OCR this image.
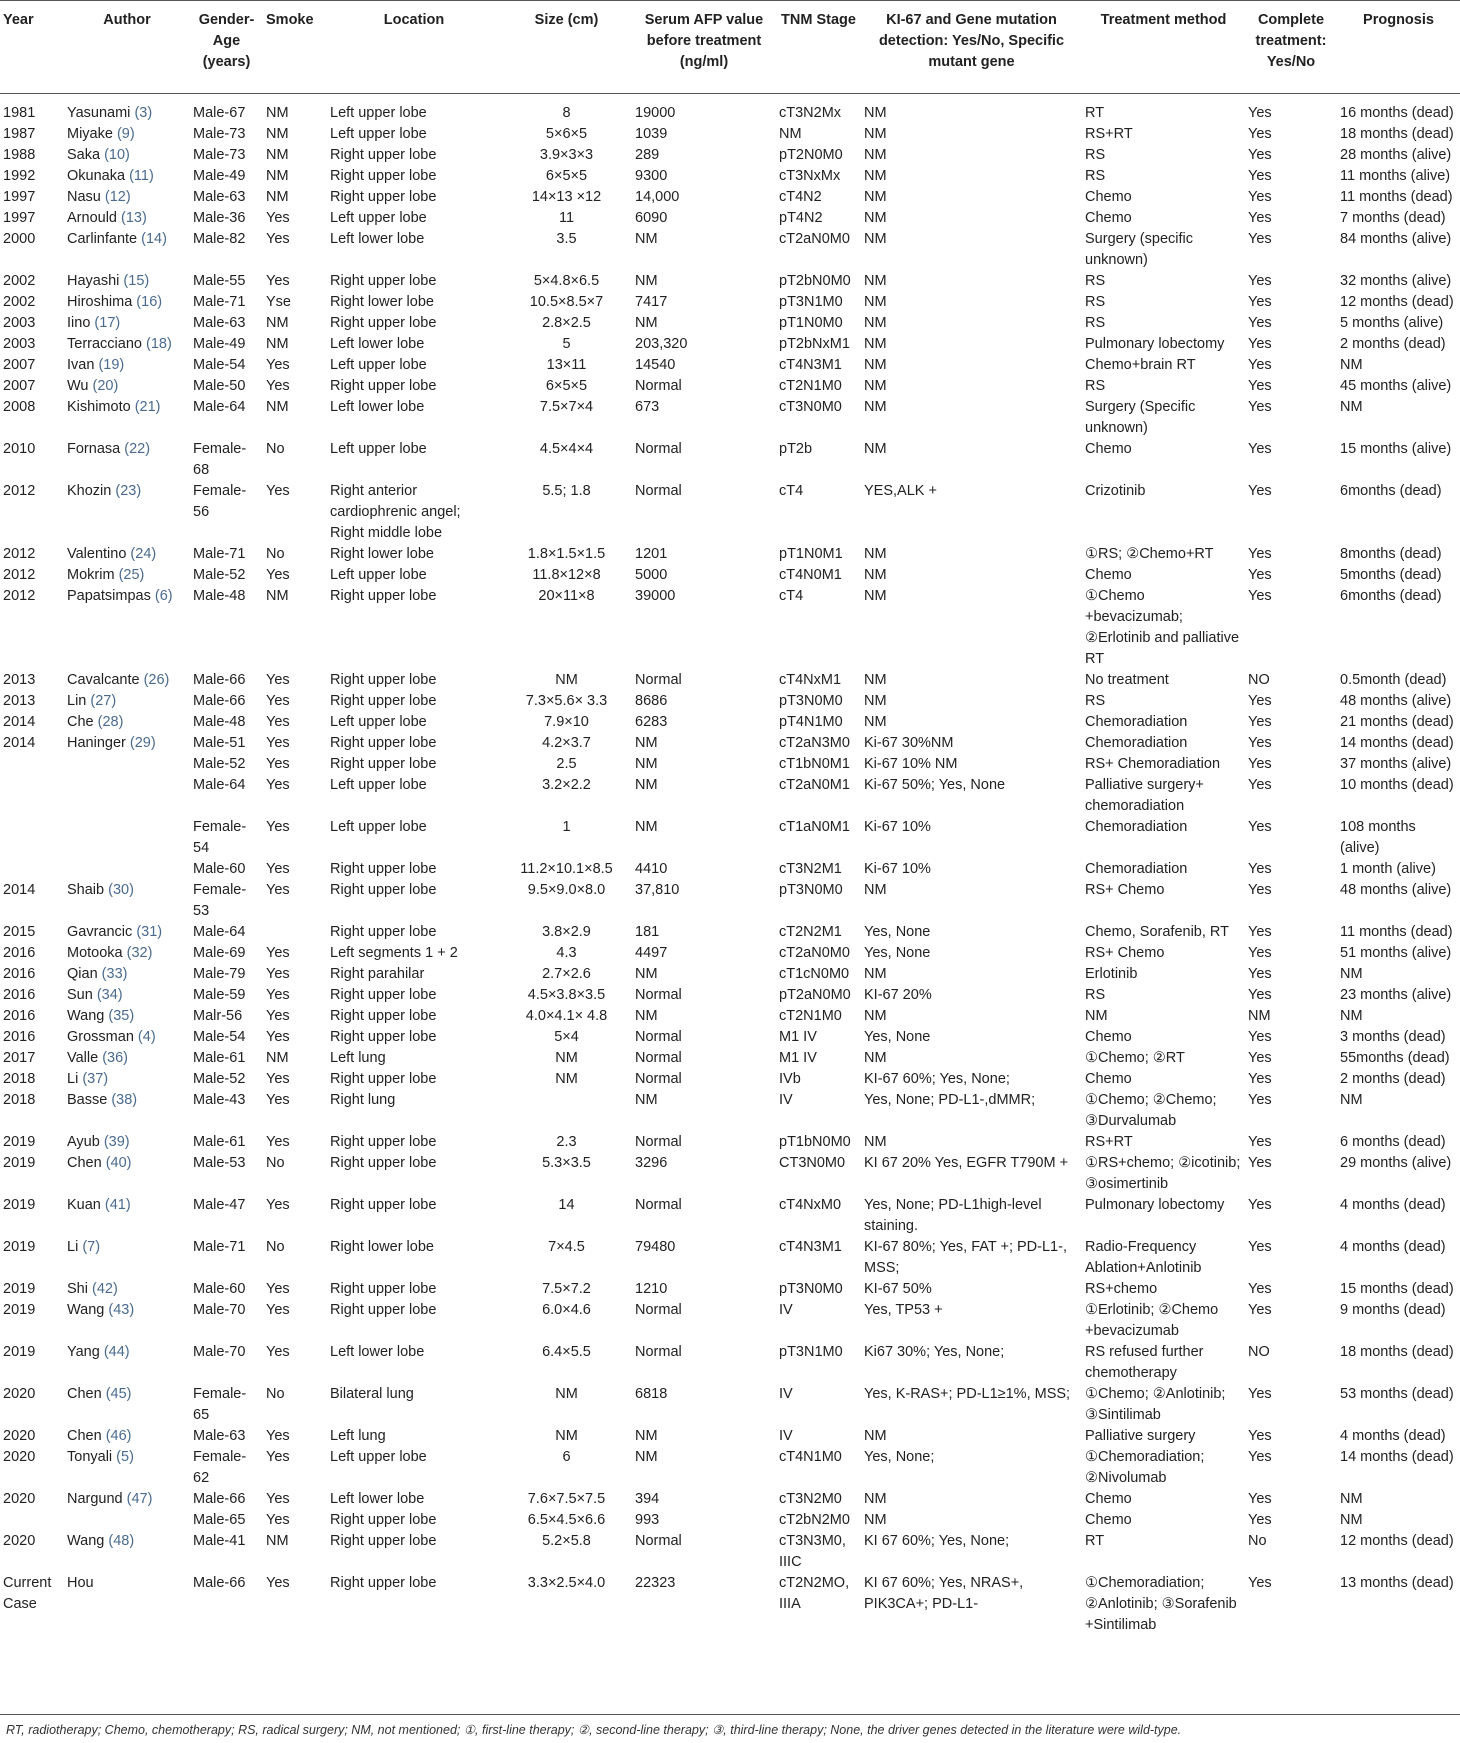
Year	Author	Gender-Age (years)	Smoke	Location	Size (cm)	Serum AFP value before treatment (ng/ml)	TNM Stage	KI-67 and Gene mutation detection: Yes/No, Specific mutant gene	Treatment method	Complete treatment: Yes/No	Prognosis
1981	Yasunami (3)	Male-67	NM	Left upper lobe	8	19000	cT3N2Mx	NM	RT	Yes	16 months (dead)
1987	Miyake (9)	Male-73	NM	Left upper lobe	5×6×5	1039	NM	NM	RS+RT	Yes	18 months (dead)
1988	Saka (10)	Male-73	NM	Right upper lobe	3.9×3×3	289	pT2N0M0	NM	RS	Yes	28 months (alive)
1992	Okunaka (11)	Male-49	NM	Right upper lobe	6×5×5	9300	cT3NxMx	NM	RS	Yes	11 months (alive)
1997	Nasu (12)	Male-63	NM	Right upper lobe	14×13 ×12	14,000	cT4N2	NM	Chemo	Yes	11 months (dead)
1997	Arnould (13)	Male-36	Yes	Left upper lobe	11	6090	pT4N2	NM	Chemo	Yes	7 months (dead)
2000	Carlinfante (14)	Male-82	Yes	Left lower lobe	3.5	NM	cT2aN0M0	NM	Surgery (specific unknown)	Yes	84 months (alive)
2002	Hayashi (15)	Male-55	Yes	Right upper lobe	5×4.8×6.5	NM	pT2bN0M0	NM	RS	Yes	32 months (alive)
2002	Hiroshima (16)	Male-71	Yse	Right lower lobe	10.5×8.5×7	7417	pT3N1M0	NM	RS	Yes	12 months (dead)
2003	Iino (17)	Male-63	NM	Right upper lobe	2.8×2.5	NM	pT1N0M0	NM	RS	Yes	5 months (alive)
2003	Terracciano (18)	Male-49	NM	Left lower lobe	5	203,320	pT2bNxM1	NM	Pulmonary lobectomy	Yes	2 months (dead)
2007	Ivan (19)	Male-54	Yes	Left upper lobe	13×11	14540	cT4N3M1	NM	Chemo+brain RT	Yes	NM
2007	Wu (20)	Male-50	Yes	Right upper lobe	6×5×5	Normal	cT2N1M0	NM	RS	Yes	45 months (alive)
2008	Kishimoto (21)	Male-64	NM	Left lower lobe	7.5×7×4	673	cT3N0M0	NM	Surgery (Specific unknown)	Yes	NM
2010	Fornasa (22)	Female-68	No	Left upper lobe	4.5×4×4	Normal	pT2b	NM	Chemo	Yes	15 months (alive)
2012	Khozin (23)	Female-56	Yes	Right anterior cardiophrenic angel; Right middle lobe	5.5; 1.8	Normal	cT4	YES,ALK +	Crizotinib	Yes	6months (dead)
2012	Valentino (24)	Male-71	No	Right lower lobe	1.8×1.5×1.5	1201	pT1N0M1	NM	①RS; ②Chemo+RT	Yes	8months (dead)
2012	Mokrim (25)	Male-52	Yes	Left upper lobe	11.8×12×8	5000	cT4N0M1	NM	Chemo	Yes	5months (dead)
2012	Papatsimpas (6)	Male-48	NM	Right upper lobe	20×11×8	39000	cT4	NM	①Chemo +bevacizumab; ②Erlotinib and palliative RT	Yes	6months (dead)
2013	Cavalcante (26)	Male-66	Yes	Right upper lobe	NM	Normal	cT4NxM1	NM	No treatment	NO	0.5month (dead)
2013	Lin (27)	Male-66	Yes	Right upper lobe	7.3×5.6× 3.3	8686	pT3N0M0	NM	RS	Yes	48 months (alive)
2014	Che (28)	Male-48	Yes	Left upper lobe	7.9×10	6283	pT4N1M0	NM	Chemoradiation	Yes	21 months (dead)
2014	Haninger (29)	Male-51	Yes	Right upper lobe	4.2×3.7	NM	cT2aN3M0	Ki-67 30%NM	Chemoradiation	Yes	14 months (dead)
		Male-52	Yes	Right upper lobe	2.5	NM	cT1bN0M1	Ki-67 10% NM	RS+ Chemoradiation	Yes	37 months (alive)
		Male-64	Yes	Left upper lobe	3.2×2.2	NM	cT2aN0M1	Ki-67 50%; Yes, None	Palliative surgery+ chemoradiation	Yes	10 months (dead)
		Female-54	Yes	Left upper lobe	1	NM	cT1aN0M1	Ki-67 10%	Chemoradiation	Yes	108 months (alive)
		Male-60	Yes	Right upper lobe	11.2×10.1×8.5	4410	cT3N2M1	Ki-67 10%	Chemoradiation	Yes	1 month (alive)
2014	Shaib (30)	Female-53	Yes	Right upper lobe	9.5×9.0×8.0	37,810	pT3N0M0	NM	RS+ Chemo	Yes	48 months (alive)
2015	Gavrancic (31)	Male-64		Right upper lobe	3.8×2.9	181	cT2N2M1	Yes, None	Chemo, Sorafenib, RT	Yes	11 months (dead)
2016	Motooka (32)	Male-69	Yes	Left segments 1 + 2	4.3	4497	cT2aN0M0	Yes, None	RS+ Chemo	Yes	51 months (alive)
2016	Qian (33)	Male-79	Yes	Right parahilar	2.7×2.6	NM	cT1cN0M0	NM	Erlotinib	Yes	NM
2016	Sun (34)	Male-59	Yes	Right upper lobe	4.5×3.8×3.5	Normal	pT2aN0M0	KI-67 20%	RS	Yes	23 months (alive)
2016	Wang (35)	Malr-56	Yes	Right upper lobe	4.0×4.1× 4.8	NM	cT2N1M0	NM	NM	NM	NM
2016	Grossman (4)	Male-54	Yes	Right upper lobe	5×4	Normal	M1 IV	Yes, None	Chemo	Yes	3 months (dead)
2017	Valle (36)	Male-61	NM	Left lung	NM	Normal	M1 IV	NM	①Chemo; ②RT	Yes	55months (dead)
2018	Li (37)	Male-52	Yes	Right upper lobe	NM	Normal	IVb	KI-67 60%; Yes, None;	Chemo	Yes	2 months (dead)
2018	Basse (38)	Male-43	Yes	Right lung		NM	IV	Yes, None; PD-L1-,dMMR;	①Chemo; ②Chemo; ③Durvalumab	Yes	NM
2019	Ayub (39)	Male-61	Yes	Right upper lobe	2.3	Normal	pT1bN0M0	NM	RS+RT	Yes	6 months (dead)
2019	Chen (40)	Male-53	No	Right upper lobe	5.3×3.5	3296	CT3N0M0	KI 67 20% Yes, EGFR T790M +	①RS+chemo; ②icotinib; ③osimertinib	Yes	29 months (alive)
2019	Kuan (41)	Male-47	Yes	Right upper lobe	14	Normal	cT4NxM0	Yes, None; PD-L1high-level staining.	Pulmonary lobectomy	Yes	4 months (dead)
2019	Li (7)	Male-71	No	Right lower lobe	7×4.5	79480	cT4N3M1	KI-67 80%; Yes, FAT +; PD-L1-, MSS;	Radio-Frequency Ablation+Anlotinib	Yes	4 months (dead)
2019	Shi (42)	Male-60	Yes	Right upper lobe	7.5×7.2	1210	pT3N0M0	KI-67 50%	RS+chemo	Yes	15 months (dead)
2019	Wang (43)	Male-70	Yes	Right upper lobe	6.0×4.6	Normal	IV	Yes, TP53 +	①Erlotinib; ②Chemo +bevacizumab	Yes	9 months (dead)
2019	Yang (44)	Male-70	Yes	Left lower lobe	6.4×5.5	Normal	pT3N1M0	Ki67 30%; Yes, None;	RS refused further chemotherapy	NO	18 months (dead)
2020	Chen (45)	Female-65	No	Bilateral lung	NM	6818	IV	Yes, K-RAS+; PD-L1≥1%, MSS;	①Chemo; ②Anlotinib; ③Sintilimab	Yes	53 months (dead)
2020	Chen (46)	Male-63	Yes	Left lung	NM	NM	IV	NM	Palliative surgery	Yes	4 months (dead)
2020	Tonyali (5)	Female-62	Yes	Left upper lobe	6	NM	cT4N1M0	Yes, None;	①Chemoradiation; ②Nivolumab	Yes	14 months (dead)
2020	Nargund (47)	Male-66	Yes	Left lower lobe	7.6×7.5×7.5	394	cT3N2M0	NM	Chemo	Yes	NM
		Male-65	Yes	Right upper lobe	6.5×4.5×6.6	993	cT2bN2M0	NM	Chemo	Yes	NM
2020	Wang (48)	Male-41	NM	Right upper lobe	5.2×5.8	Normal	cT3N3M0, IIIC	KI 67 60%; Yes, None;	RT	No	12 months (dead)
Current Case	Hou	Male-66	Yes	Right upper lobe	3.3×2.5×4.0	22323	cT2N2MO, IIIA	KI 67 60%; Yes, NRAS+, PIK3CA+; PD-L1-	①Chemoradiation; ②Anlotinib; ③Sorafenib +Sintilimab	Yes	13 months (dead)
RT, radiotherapy; Chemo, chemotherapy; RS, radical surgery; NM, not mentioned; ①, first-line therapy; ②, second-line therapy; ③, third-line therapy; None, the driver genes detected in the literature were wild-type.
